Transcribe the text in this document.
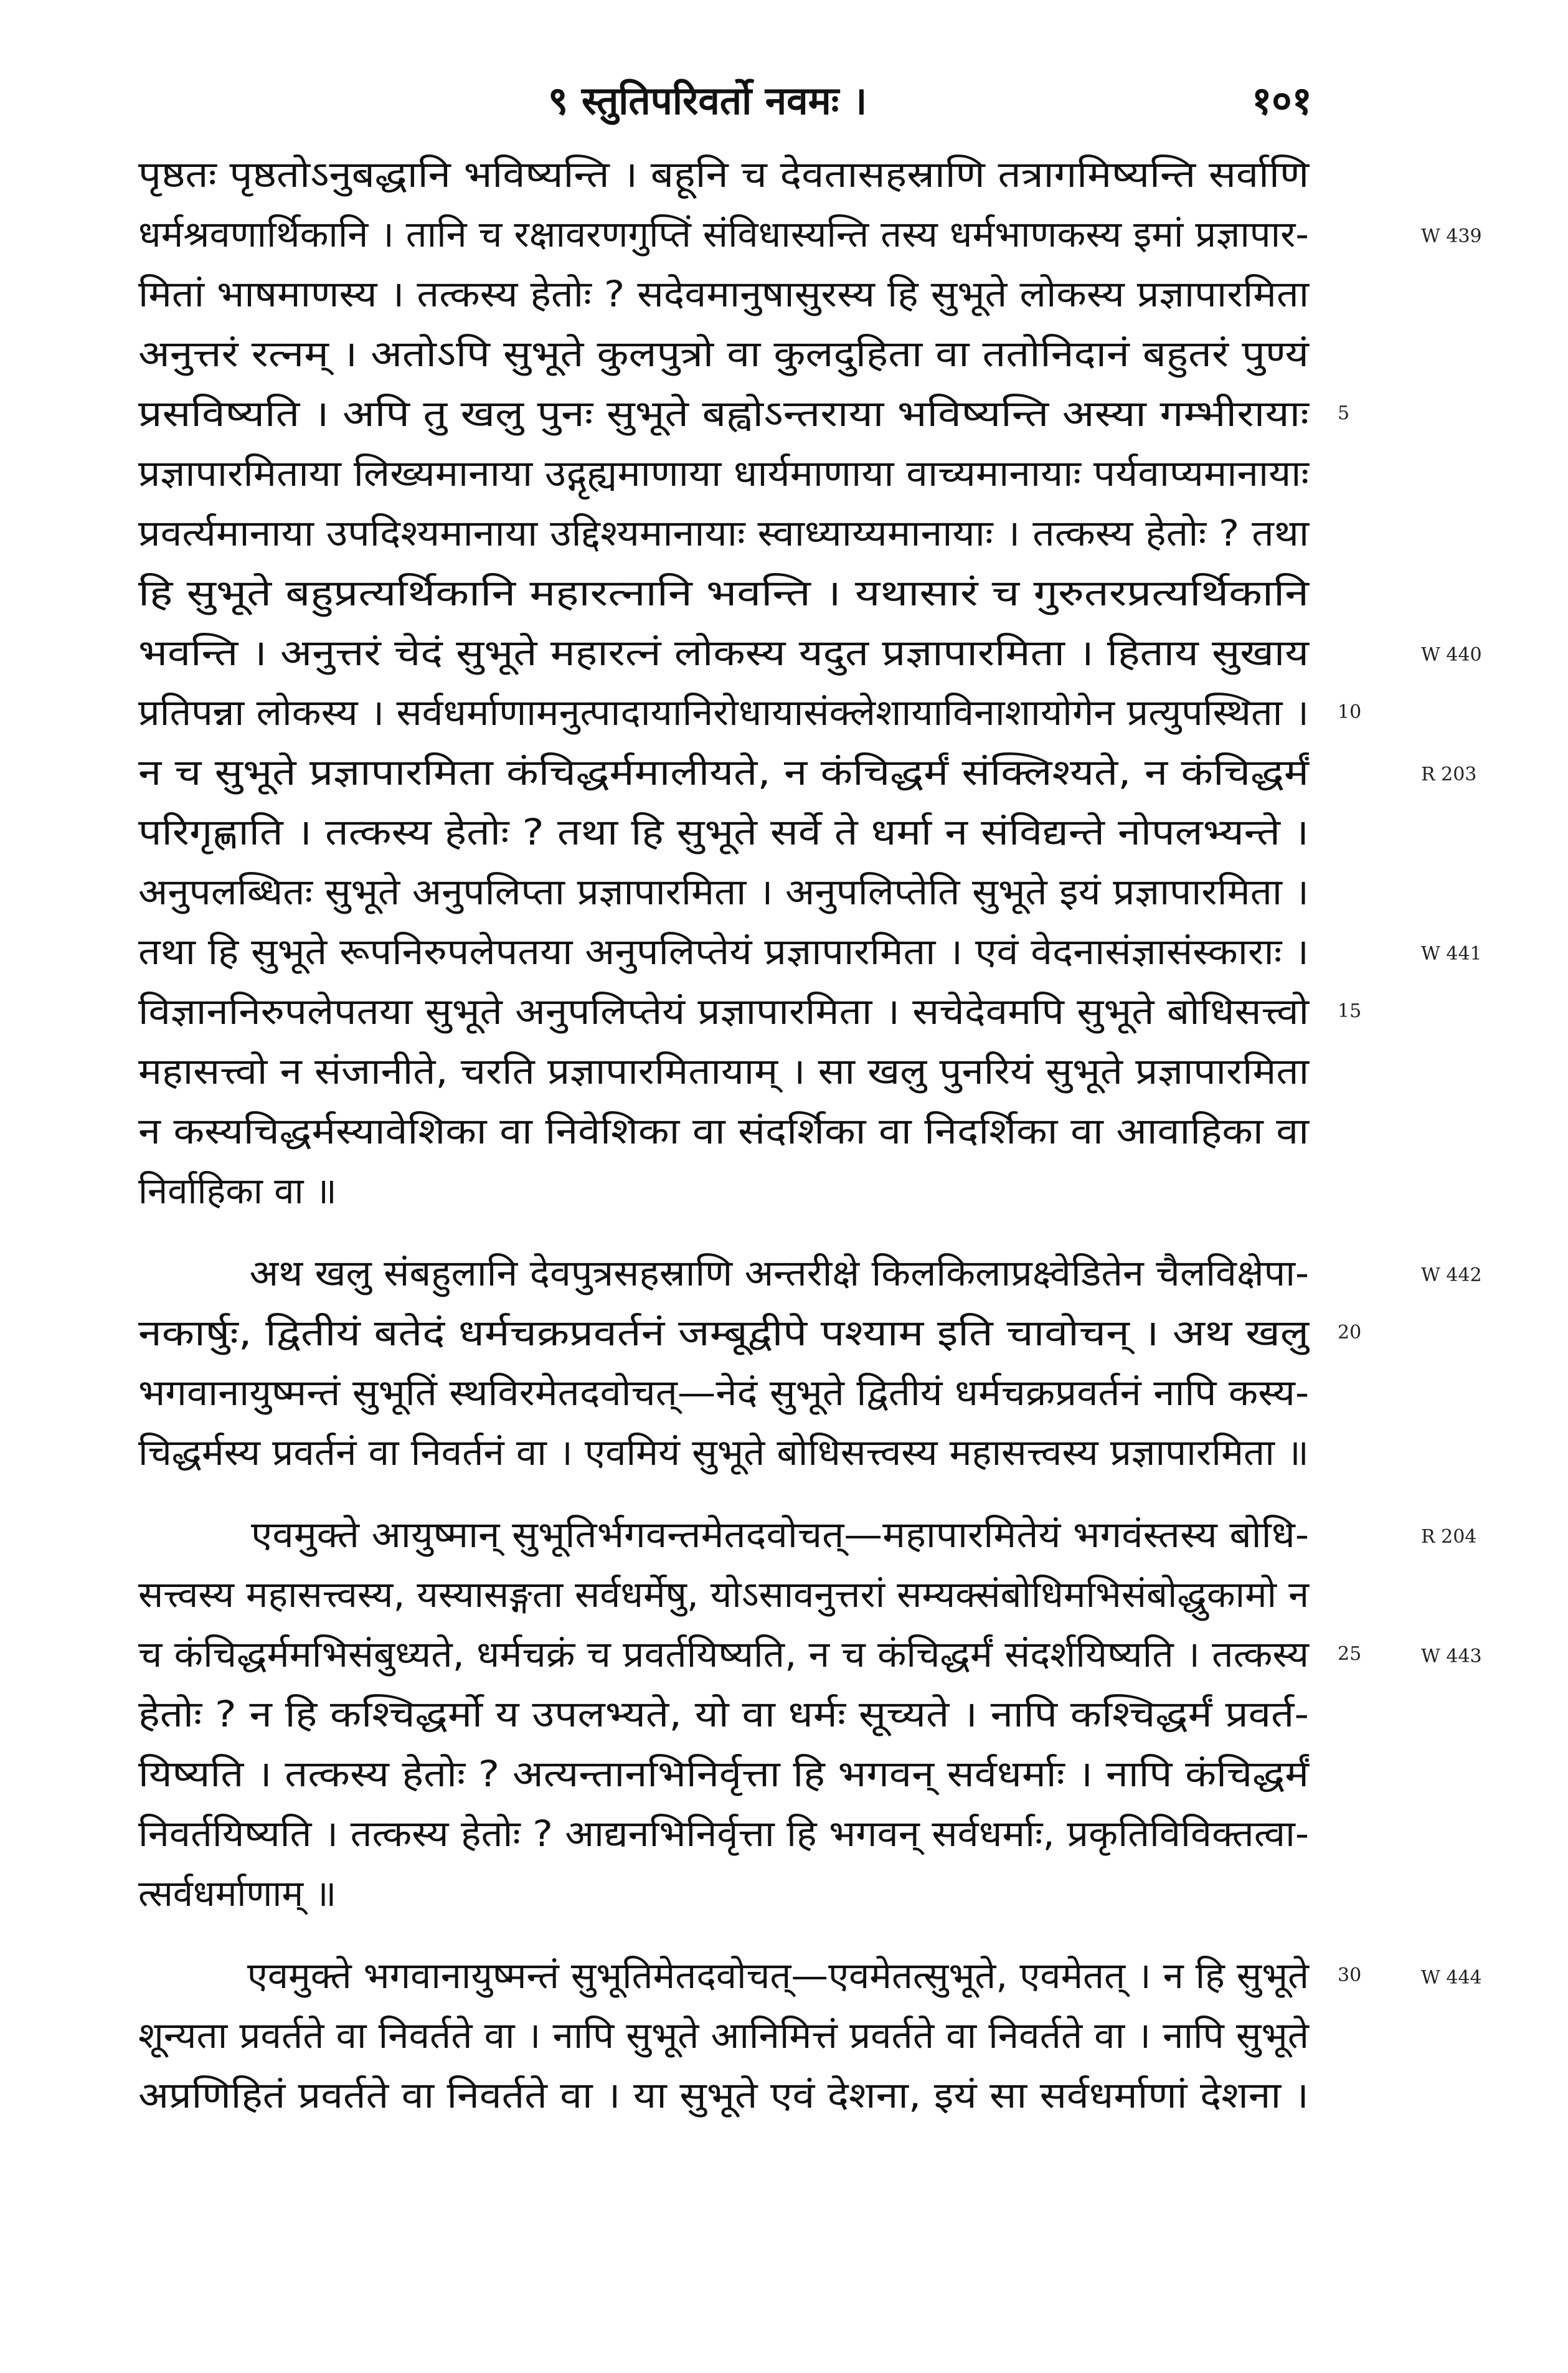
९ स्तुतिपरिवर्तो नवमः ।	१०१
पृष्ठतः पृष्ठतोऽनुबद्धानि भविष्यन्ति । बहूनि च देवतासहस्राणि तत्रागमिष्यन्ति सर्वाणि
धर्मश्रवणार्थिकानि । तानि च रक्षावरणगुप्तिं संविधास्यन्ति तस्य धर्मभाणकस्य इमां प्रज्ञापार-
मितां भाषमाणस्य । तत्कस्य हेतोः ? सदेवमानुषासुरस्य हि सुभूते लोकस्य प्रज्ञापारमिता
अनुत्तरं रत्नम् । अतोऽपि सुभूते कुलपुत्रो वा कुलदुहिता वा ततोनिदानं बहुतरं पुण्यं
प्रसविष्यति । अपि तु खलु पुनः सुभूते बह्वोऽन्तराया भविष्यन्ति अस्या गम्भीरायाः 5
प्रज्ञापारमिताया लिख्यमानाया उद्गृह्यमाणाया धार्यमाणाया वाच्यमानायाः पर्यवाप्यमानायाः
प्रवर्त्यमानाया उपदिश्यमानाया उद्दिश्यमानायाः स्वाध्याय्यमानायाः । तत्कस्य हेतोः ? तथा
हि सुभूते बहुप्रत्यर्थिकानि महारत्नानि भवन्ति । यथासारं च गुरुतरप्रत्यर्थिकानि
भवन्ति । अनुत्तरं चेदं सुभूते महारत्नं लोकस्य यदुत प्रज्ञापारमिता । हिताय सुखाय
प्रतिपन्ना लोकस्य । सर्वधर्माणामनुत्पादायानिरोधायासंक्लेशायाविनाशायोगेन प्रत्युपस्थिता । 10
न च सुभूते प्रज्ञापारमिता कंचिद्धर्ममालीयते, न कंचिद्धर्मं संक्लिश्यते, न कंचिद्धर्मं
परिगृह्णाति । तत्कस्य हेतोः ? तथा हि सुभूते सर्वे ते धर्मा न संविद्यन्ते नोपलभ्यन्ते ।
अनुपलब्धितः सुभूते अनुपलिप्ता प्रज्ञापारमिता । अनुपलिप्तेति सुभूते इयं प्रज्ञापारमिता ।
तथा हि सुभूते रूपनिरुपलेपतया अनुपलिप्तेयं प्रज्ञापारमिता । एवं वेदनासंज्ञासंस्काराः ।
विज्ञाननिरुपलेपतया सुभूते अनुपलिप्तेयं प्रज्ञापारमिता । सचेदेवमपि सुभूते बोधिसत्त्वो 15
महासत्त्वो न संजानीते, चरति प्रज्ञापारमितायाम् । सा खलु पुनरियं सुभूते प्रज्ञापारमिता
न कस्यचिद्धर्मस्यावेशिका वा निवेशिका वा संदर्शिका वा निदर्शिका वा आवाहिका वा
निर्वाहिका वा ॥
अथ खलु संबहुलानि देवपुत्रसहस्राणि अन्तरीक्षे किलकिलाप्रक्ष्वेडितेन चैलविक्षेपा-
नकार्षुः, द्वितीयं बतेदं धर्मचक्रप्रवर्तनं जम्बूद्वीपे पश्याम इति चावोचन् । अथ खलु 20
भगवानायुष्मन्तं सुभूतिं स्थविरमेतदवोचत्—नेदं सुभूते द्वितीयं धर्मचक्रप्रवर्तनं नापि कस्य-
चिद्धर्मस्य प्रवर्तनं वा निवर्तनं वा । एवमियं सुभूते बोधिसत्त्वस्य महासत्त्वस्य प्रज्ञापारमिता ॥
एवमुक्ते आयुष्मान् सुभूतिर्भगवन्तमेतदवोचत्—महापारमितेयं भगवंस्तस्य बोधि-
सत्त्वस्य महासत्त्वस्य, यस्यासङ्गता सर्वधर्मेषु, योऽसावनुत्तरां सम्यक्संबोधिमभिसंबोद्धुकामो न
च कंचिद्धर्ममभिसंबुध्यते, धर्मचक्रं च प्रवर्तयिष्यति, न च कंचिद्धर्मं संदर्शयिष्यति । तत्कस्य 25
हेतोः ? न हि कश्चिद्धर्मो य उपलभ्यते, यो वा धर्मः सूच्यते । नापि कश्चिद्धर्मं प्रवर्त-
यिष्यति । तत्कस्य हेतोः ? अत्यन्तानभिनिर्वृत्ता हि भगवन् सर्वधर्माः । नापि कंचिद्धर्मं
निवर्तयिष्यति । तत्कस्य हेतोः ? आद्यनभिनिर्वृत्ता हि भगवन् सर्वधर्माः, प्रकृतिविविक्तत्वा-
त्सर्वधर्माणाम् ॥
एवमुक्ते भगवानायुष्मन्तं सुभूतिमेतदवोचत्—एवमेतत्सुभूते, एवमेतत् । न हि सुभूते 30
शून्यता प्रवर्तते वा निवर्तते वा । नापि सुभूते आनिमित्तं प्रवर्तते वा निवर्तते वा । नापि सुभूते
अप्रणिहितं प्रवर्तते वा निवर्तते वा । या सुभूते एवं देशना, इयं सा सर्वधर्माणां देशना ।
W 439
W 440
R 203
W 441
W 442
R 204
W 443
W 444
